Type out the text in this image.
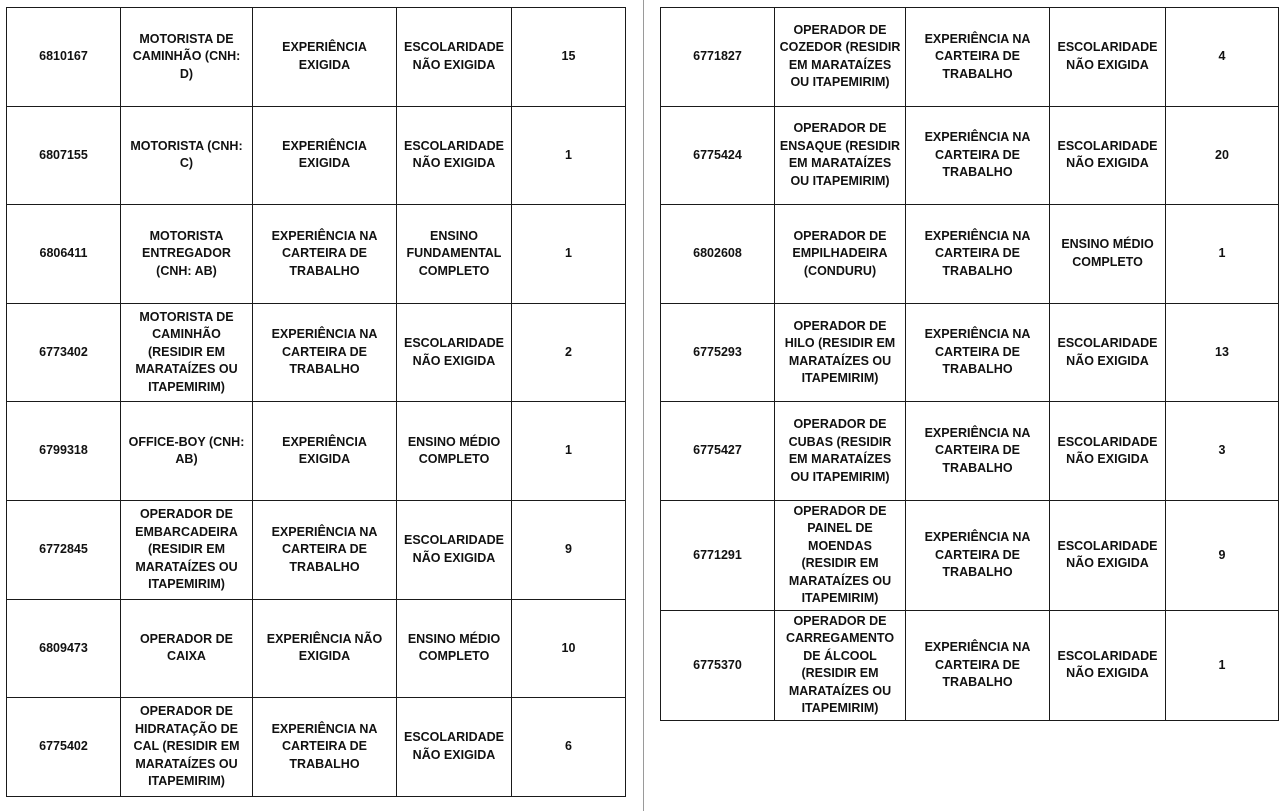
6810167	MOTORISTA DE CAMINHÃO (CNH: D)	EXPERIÊNCIA EXIGIDA	ESCOLARIDADE NÃO EXIGIDA	15
6807155	MOTORISTA (CNH: C)	EXPERIÊNCIA EXIGIDA	ESCOLARIDADE NÃO EXIGIDA	1
6806411	MOTORISTA ENTREGADOR (CNH: AB)	EXPERIÊNCIA NA CARTEIRA DE TRABALHO	ENSINO FUNDAMENTAL COMPLETO	1
6773402	MOTORISTA DE CAMINHÃO (RESIDIR EM MARATAÍZES OU ITAPEMIRIM)	EXPERIÊNCIA NA CARTEIRA DE TRABALHO	ESCOLARIDADE NÃO EXIGIDA	2
6799318	OFFICE-BOY (CNH: AB)	EXPERIÊNCIA EXIGIDA	ENSINO MÉDIO COMPLETO	1
6772845	OPERADOR DE EMBARCADEIRA (RESIDIR EM MARATAÍZES OU ITAPEMIRIM)	EXPERIÊNCIA NA CARTEIRA DE TRABALHO	ESCOLARIDADE NÃO EXIGIDA	9
6809473	OPERADOR DE CAIXA	EXPERIÊNCIA NÃO EXIGIDA	ENSINO MÉDIO COMPLETO	10
6775402	OPERADOR DE HIDRATAÇÃO DE CAL (RESIDIR EM MARATAÍZES OU ITAPEMIRIM)	EXPERIÊNCIA NA CARTEIRA DE TRABALHO	ESCOLARIDADE NÃO EXIGIDA	6
6771827	OPERADOR DE COZEDOR (RESIDIR EM MARATAÍZES OU ITAPEMIRIM)	EXPERIÊNCIA NA CARTEIRA DE TRABALHO	ESCOLARIDADE NÃO EXIGIDA	4
6775424	OPERADOR DE ENSAQUE (RESIDIR EM MARATAÍZES OU ITAPEMIRIM)	EXPERIÊNCIA NA CARTEIRA DE TRABALHO	ESCOLARIDADE NÃO EXIGIDA	20
6802608	OPERADOR DE EMPILHADEIRA (CONDURU)	EXPERIÊNCIA NA CARTEIRA DE TRABALHO	ENSINO MÉDIO COMPLETO	1
6775293	OPERADOR DE HILO (RESIDIR EM MARATAÍZES OU ITAPEMIRIM)	EXPERIÊNCIA NA CARTEIRA DE TRABALHO	ESCOLARIDADE NÃO EXIGIDA	13
6775427	OPERADOR DE CUBAS (RESIDIR EM MARATAÍZES OU ITAPEMIRIM)	EXPERIÊNCIA NA CARTEIRA DE TRABALHO	ESCOLARIDADE NÃO EXIGIDA	3
6771291	OPERADOR DE PAINEL DE MOENDAS (RESIDIR EM MARATAÍZES OU ITAPEMIRIM)	EXPERIÊNCIA NA CARTEIRA DE TRABALHO	ESCOLARIDADE NÃO EXIGIDA	9
6775370	OPERADOR DE CARREGAMENTO DE ÁLCOOL (RESIDIR EM MARATAÍZES OU ITAPEMIRIM)	EXPERIÊNCIA NA CARTEIRA DE TRABALHO	ESCOLARIDADE NÃO EXIGIDA	1
